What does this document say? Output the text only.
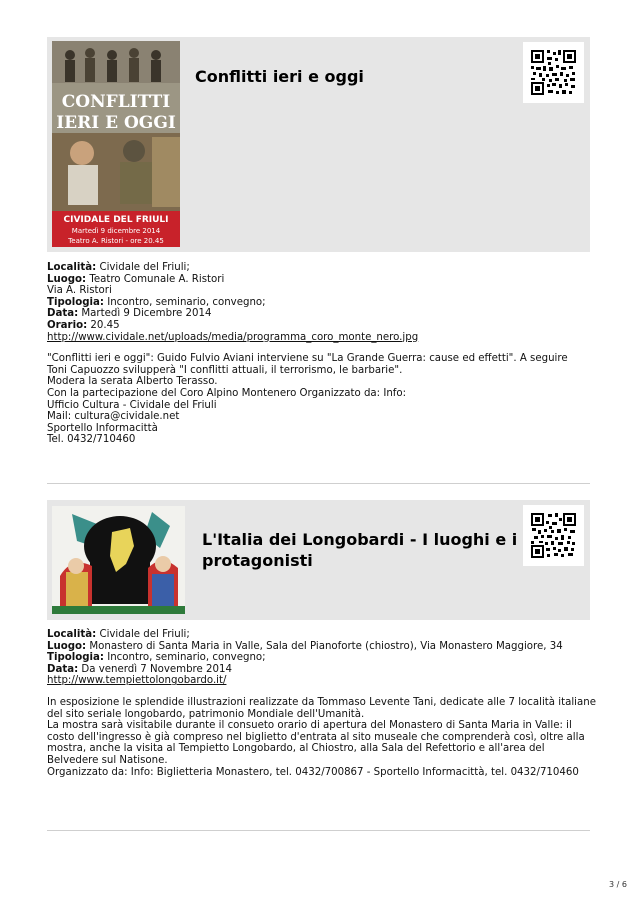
CONFLITTI
IERI E OGGI
CIVIDALE DEL FRIULI
Martedì 9 dicembre 2014
Teatro A. Ristori - ore 20.45
Conflitti ieri e oggi

Località: Cividale del Friuli;

Luogo: Teatro Comunale A. Ristori

Via A. Ristori

Tipologia: Incontro, seminario, convegno;

Data: Martedì 9 Dicembre 2014

Orario: 20.45

http://www.cividale.net/uploads/media/programma_coro_monte_nero.jpg

"Conflitti ieri e oggi": Guido Fulvio Aviani interviene su "La Grande Guerra: cause ed effetti". A seguire

Toni Capuozzo svilupperà "I conflitti attuali, il terrorismo, le barbarie".

Modera la serata Alberto Terasso.

Con la partecipazione del Coro Alpino Montenero Organizzato da: Info:

Ufficio Cultura - Cividale del Friuli

Mail: cultura@cividale.net

Sportello Informacittà

Tel. 0432/710460

L'Italia dei Longobardi - I luoghi e i protagonisti

Località: Cividale del Friuli;

Luogo: Monastero di Santa Maria in Valle, Sala del Pianoforte (chiostro), Via Monastero Maggiore, 34

Tipologia: Incontro, seminario, convegno;

Data: Da venerdì 7 Novembre 2014

http://www.tempiettolongobardo.it/

In esposizione le splendide illustrazioni realizzate da Tommaso Levente Tani, dedicate alle 7 località italiane del sito seriale longobardo, patrimonio Mondiale dell'Umanità.

La mostra sarà visitabile durante il consueto orario di apertura del Monastero di Santa Maria in Valle: il costo dell'ingresso è già compreso nel biglietto d'entrata al sito museale che comprenderà così, oltre alla mostra, anche la visita al Tempietto Longobardo, al Chiostro, alla Sala del Refettorio e all'area del Belvedere sul Natisone.

Organizzato da: Info: Biglietteria Monastero, tel. 0432/700867 - Sportello Informacittà, tel. 0432/710460

3 / 6
